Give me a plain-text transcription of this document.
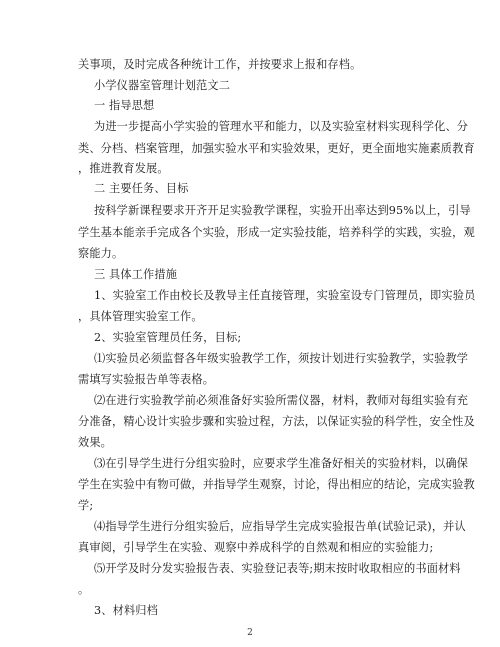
关事项，及时完成各种统计工作，并按要求上报和存档。
小学仪器室管理计划范文二
一 指导思想
为进一步提高小学实验的管理水平和能力，以及实验室材料实现科学化、分
类、分档、档案管理，加强实验水平和实验效果，更好，更全面地实施素质教育
，推进教育发展。
二 主要任务、目标
按科学新课程要求开齐开足实验教学课程，实验开出率达到95%以上，引导
学生基本能亲手完成各个实验，形成一定实验技能，培养科学的实践，实验，观
察能力。
三 具体工作措施
1、实验室工作由校长及教导主任直接管理，实验室设专门管理员，即实验员
，具体管理实验室工作。
2、实验室管理员任务，目标;
⑴实验员必须监督各年级实验教学工作，须按计划进行实验教学，实验教学
需填写实验报告单等表格。
⑵在进行实验教学前必须准备好实验所需仪器，材料，教师对每组实验有充
分准备，精心设计实验步骤和实验过程，方法，以保证实验的科学性，安全性及
效果。
⑶在引导学生进行分组实验时，应要求学生准备好相关的实验材料，以确保
学生在实验中有物可做，并指导学生观察，讨论，得出相应的结论，完成实验教
学;
⑷指导学生进行分组实验后，应指导学生完成实验报告单(试验记录)，并认
真审阅，引导学生在实验、观察中养成科学的自然观和相应的实验能力;
⑸开学及时分发实验报告表、实验登记表等;期末按时收取相应的书面材料
。
3、材料归档
2
